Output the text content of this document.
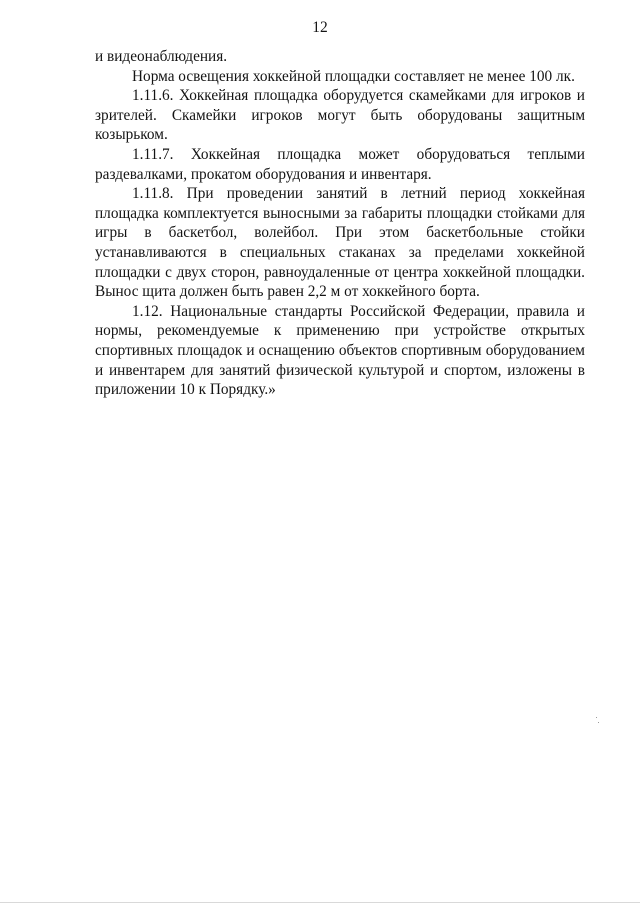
12

и видеонаблюдения.

Норма освещения хоккейной площадки составляет не менее 100 лк.

1.11.6. Хоккейная площадка оборудуется скамейками для игроков и зрителей. Скамейки игроков могут быть оборудованы защитным козырьком.

1.11.7. Хоккейная площадка может оборудоваться теплыми раздевалками, прокатом оборудования и инвентаря.

1.11.8. При проведении занятий в летний период хоккейная площадка комплектуется выносными за габариты площадки стойками для игры в баскетбол, волейбол. При этом баскетбольные стойки устанавливаются в специальных стаканах за пределами хоккейной площадки с двух сторон, равноудаленные от центра хоккейной площадки. Вынос щита должен быть равен 2,2 м от хоккейного борта.

1.12. Национальные стандарты Российской Федерации, правила и нормы, рекомендуемые к применению при устройстве открытых спортивных площадок и оснащению объектов спортивным оборудованием и инвентарем для занятий физической культурой и спортом, изложены в приложении 10 к Порядку.»
